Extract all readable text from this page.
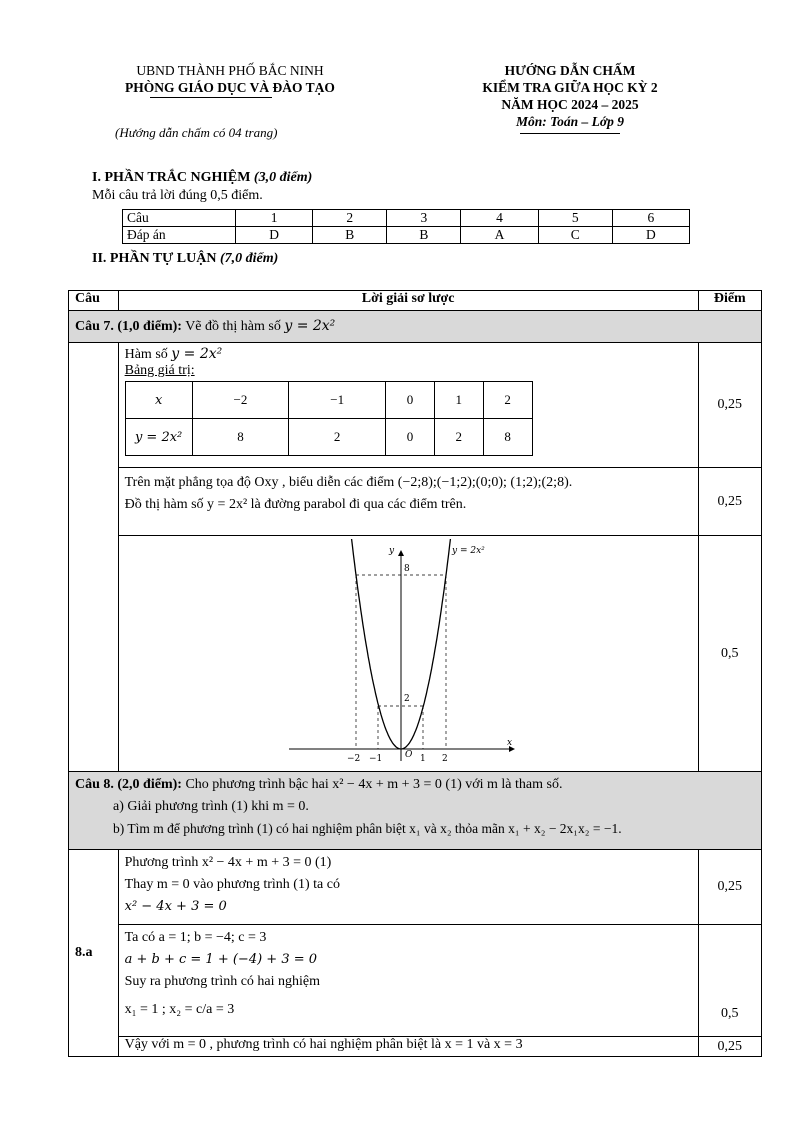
UBND THÀNH PHỐ BẮC NINH
PHÒNG GIÁO DỤC VÀ ĐÀO TẠO
(Hướng dẫn chấm có 04 trang)
HƯỚNG DẪN CHẤM
KIỂM TRA GIỮA HỌC KỲ 2
NĂM HỌC 2024 – 2025
Môn: Toán – Lớp 9
I. PHẦN TRẮC NGHIỆM (3,0 điểm)
Mỗi câu trả lời đúng 0,5 điểm.
Câu	1	2	3	4	5	6
Đáp án	D	B	B	A	C	D
II. PHẦN TỰ LUẬN (7,0 điểm)
Câu	Lời giải sơ lược	Điểm
Câu 7. (1,0 điểm): Vẽ đồ thị hàm số y = 2x²

Hàm số y = 2x²
Bảng giá trị:
x	−2	−1	0	1	2
y = 2x²	8	2	0	2	8
	0,25

Trên mặt phẳng tọa độ Oxy , biểu diễn các điểm (−2;8);(−1;2);(0;0); (1;2);(2;8).
Đồ thị hàm số y = 2x² là đường parabol đi qua các điểm trên.	0,25

y
x
y = 2x²
O
8
2
−2 −1	1 2
	0,5

Câu 8. (2,0 điểm): Cho phương trình bậc hai x² − 4x + m + 3 = 0 (1) với m là tham số.
a) Giải phương trình (1) khi m = 0.
b) Tìm m để phương trình (1) có hai nghiệm phân biệt x₁ và x₂ thỏa mãn x₁ + x₂ − 2x₁x₂ = −1.

8.a	
Phương trình x² − 4x + m + 3 = 0 (1)
Thay m = 0 vào phương trình (1) ta có
x² − 4x + 3 = 0
	0,25

Ta có a = 1; b = −4; c = 3
a + b + c = 1 + (−4) + 3 = 0
Suy ra phương trình có hai nghiệm
x₁ = 1 ; x₂ = c/a = 3	0,5
Vậy với m = 0 , phương trình có hai nghiệm phân biệt là x = 1 và x = 3	0,25
